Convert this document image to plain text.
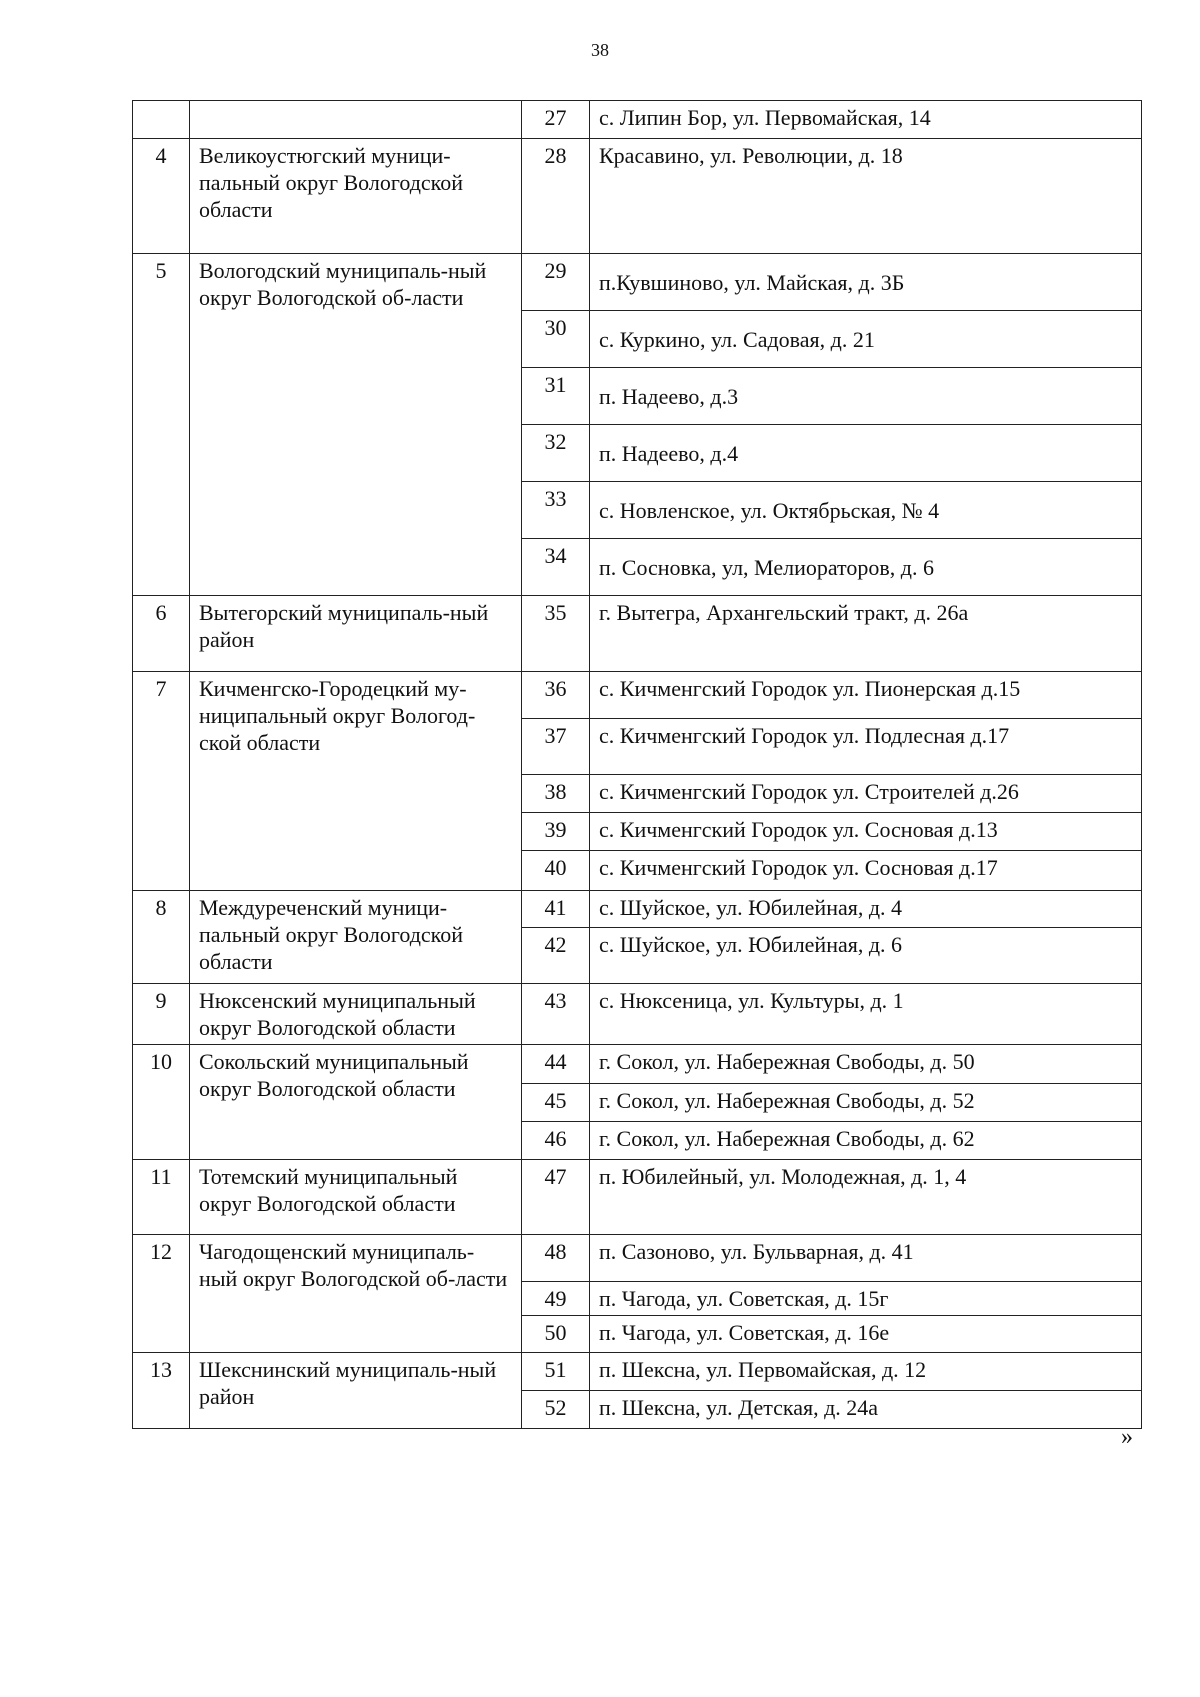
38
		27	с. Липин Бор, ул. Первомайская, 14
4	Великоустюгский муници-пальный округ Вологодской области	28	Красавино, ул. Революции, д. 18
5	Вологодский муниципаль-ный округ Вологодской об-ласти	29	п.Кувшиново, ул. Майская, д. 3Б
		30	с. Куркино, ул. Садовая, д. 21
		31	п. Надеево, д.3
		32	п. Надеево, д.4
		33	с. Новленское, ул. Октябрьская, № 4
		34	п. Сосновка, ул, Мелиораторов, д. 6
6	Вытегорский муниципаль-ный район	35	г. Вытегра, Архангельский тракт, д. 26а
7	Кичменгско-Городецкий му-ниципальный округ Вологод-ской области	36	с. Кичменгский Городок ул. Пионерская д.15
		37	с. Кичменгский Городок ул. Подлесная д.17
		38	с. Кичменгский Городок ул. Строителей д.26
		39	с. Кичменгский Городок ул. Сосновая д.13
		40	с. Кичменгский Городок ул. Сосновая д.17
8	Междуреченский муници-пальный округ Вологодской области	41	с. Шуйское, ул. Юбилейная, д. 4
		42	с. Шуйское, ул. Юбилейная, д. 6
9	Нюксенский муниципальный округ Вологодской области	43	с. Нюксеница, ул. Культуры, д. 1
10	Сокольский муниципальный округ Вологодской области	44	г. Сокол, ул. Набережная Свободы, д. 50
		45	г. Сокол, ул. Набережная Свободы, д. 52
		46	г. Сокол, ул. Набережная Свободы, д. 62
11	Тотемский муниципальный округ Вологодской области	47	п. Юбилейный, ул. Молодежная, д. 1, 4
12	Чагодощенский муниципаль-ный округ Вологодской об-ласти	48	п. Сазоново, ул. Бульварная, д. 41
		49	п. Чагода, ул. Советская, д. 15г
		50	п. Чагода, ул. Советская, д. 16е
13	Шекснинский муниципаль-ный район	51	п. Шексна, ул. Первомайская, д. 12
		52	п. Шексна, ул. Детская, д. 24а
»
